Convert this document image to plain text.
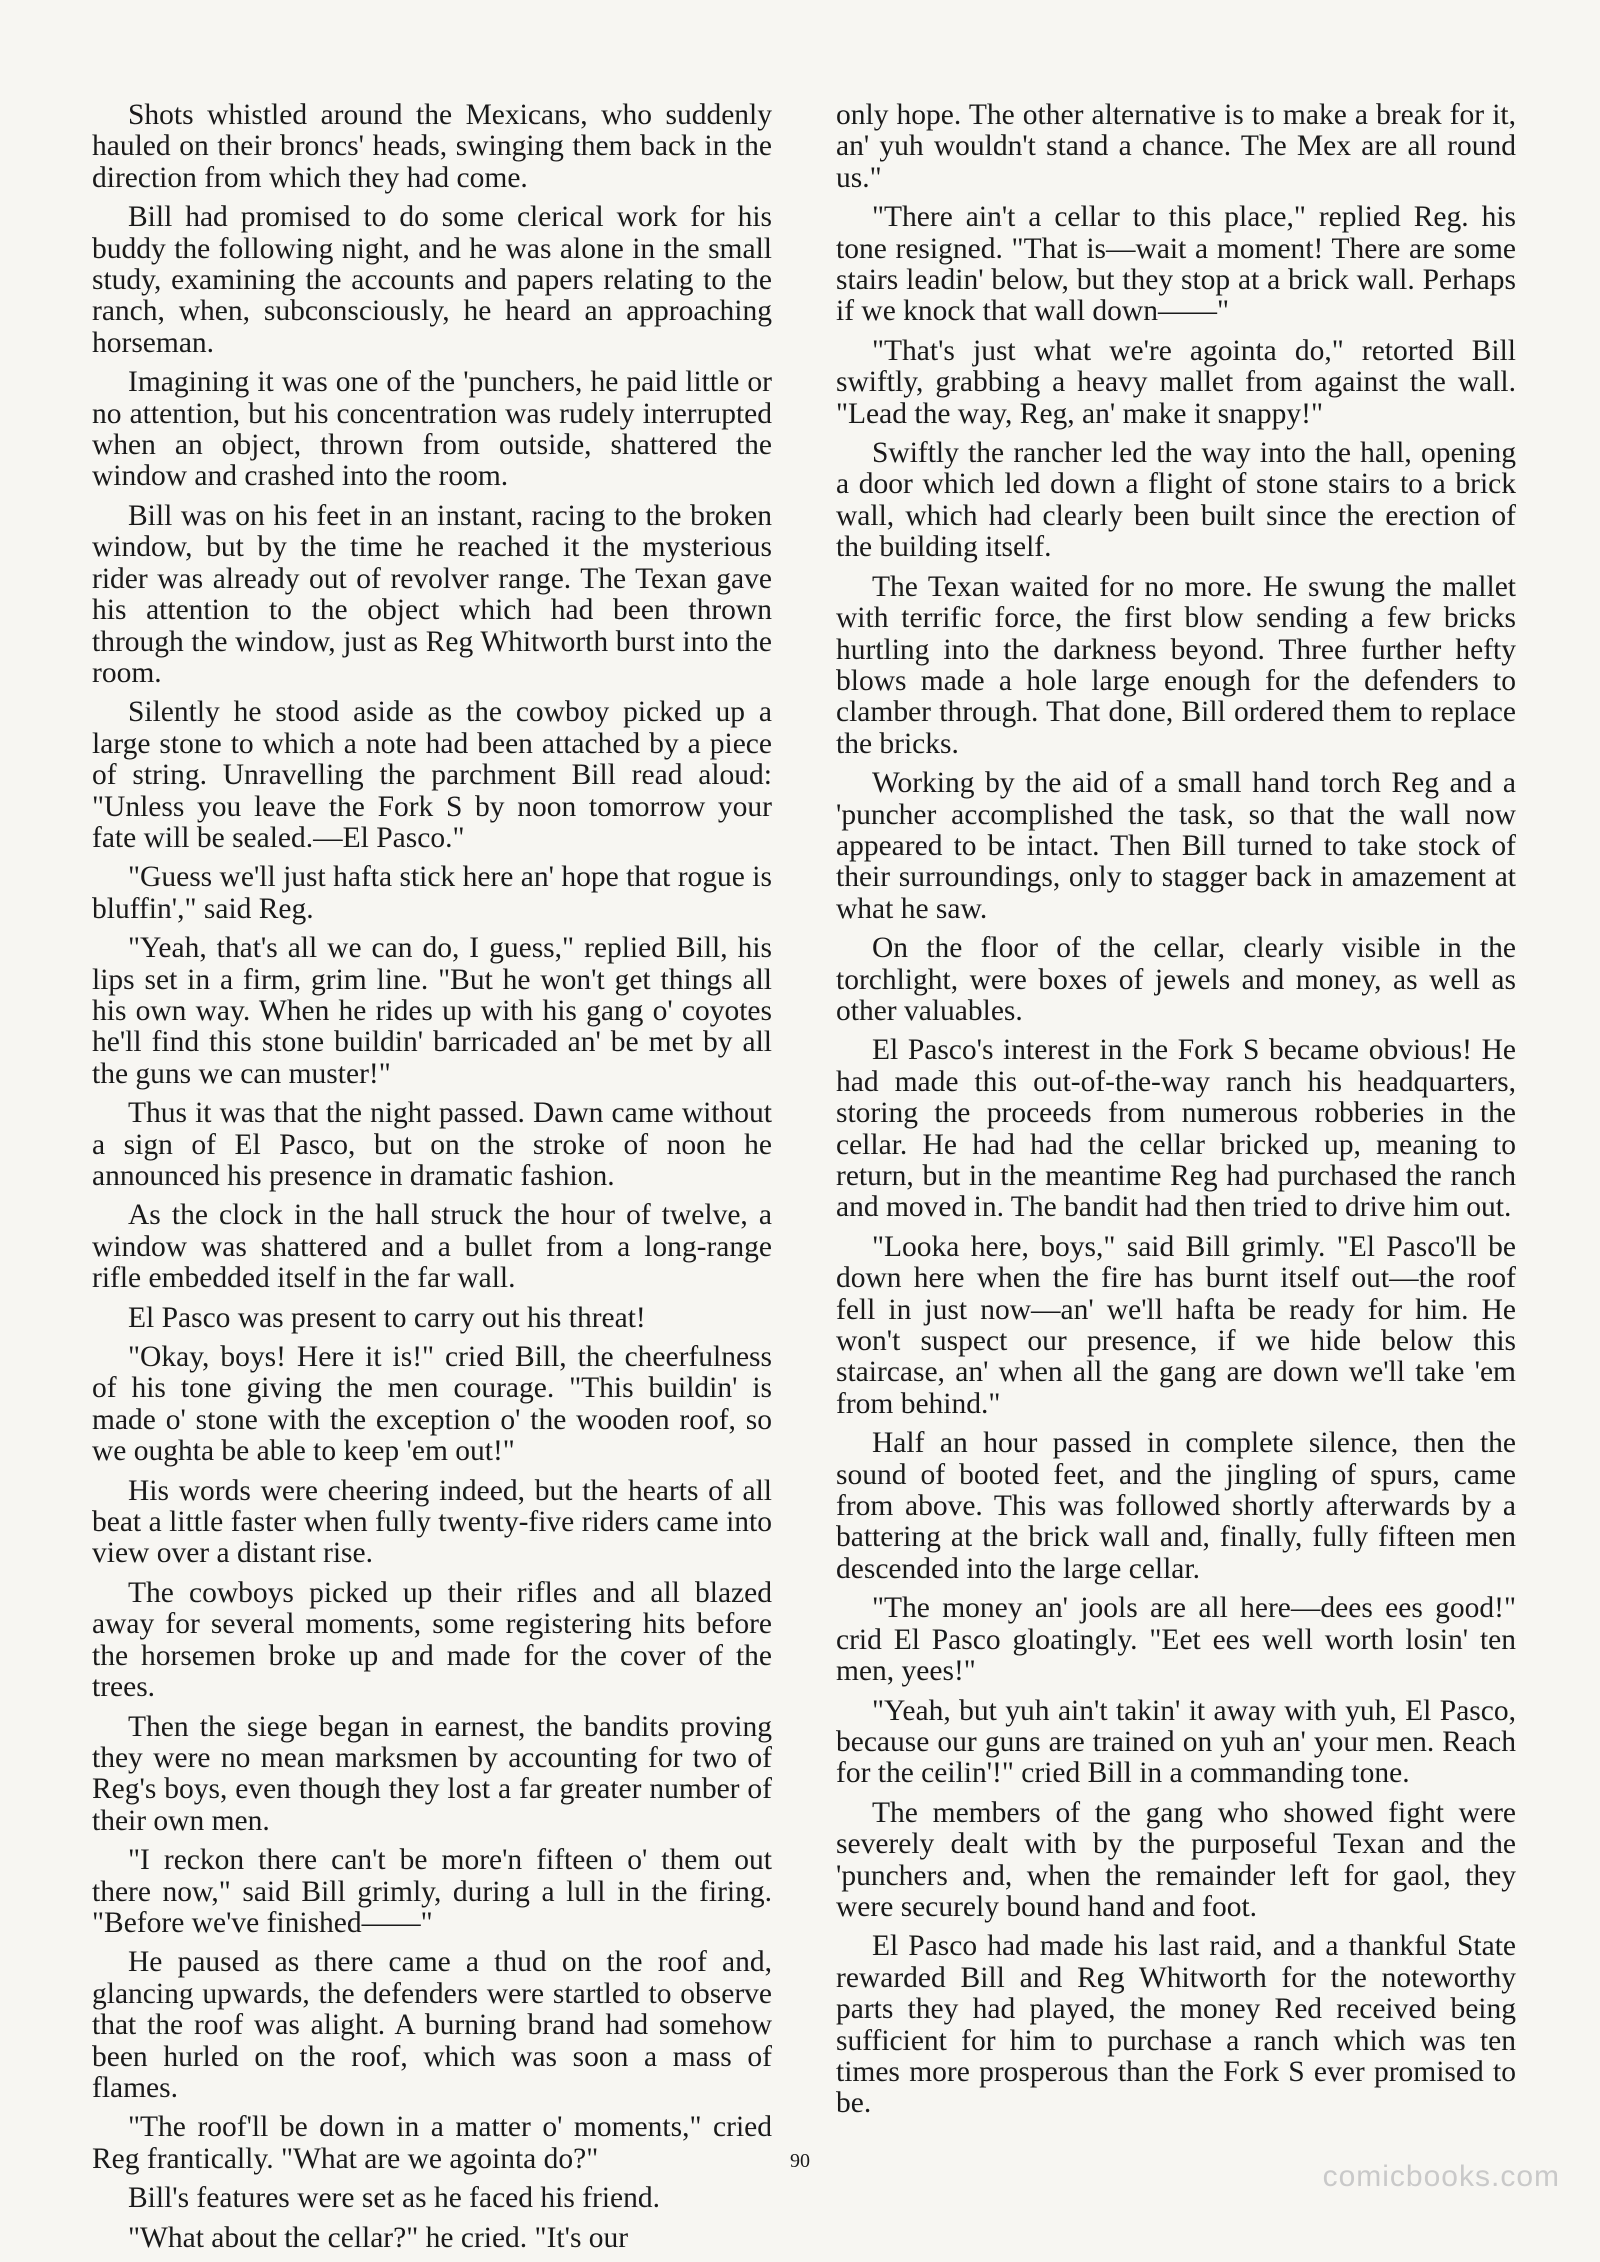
Shots whistled around the Mexicans, who suddenly hauled on their broncs' heads, swinging them back in the direction from which they had come.

Bill had promised to do some clerical work for his buddy the following night, and he was alone in the small study, examining the accounts and papers relating to the ranch, when, subconsciously, he heard an approaching horseman.

Imagining it was one of the 'punchers, he paid little or no attention, but his concentration was rudely interrupted when an object, thrown from outside, shattered the window and crashed into the room.

Bill was on his feet in an instant, racing to the broken window, but by the time he reached it the mysterious rider was already out of revolver range. The Texan gave his attention to the object which had been thrown through the window, just as Reg Whitworth burst into the room.

Silently he stood aside as the cowboy picked up a large stone to which a note had been attached by a piece of string. Unravelling the parchment Bill read aloud: "Unless you leave the Fork S by noon tomorrow your fate will be sealed.—El Pasco."

"Guess we'll just hafta stick here an' hope that rogue is bluffin'," said Reg.

"Yeah, that's all we can do, I guess," replied Bill, his lips set in a firm, grim line. "But he won't get things all his own way. When he rides up with his gang o' coyotes he'll find this stone buildin' barricaded an' be met by all the guns we can muster!"

Thus it was that the night passed. Dawn came without a sign of El Pasco, but on the stroke of noon he announced his presence in dramatic fashion.

As the clock in the hall struck the hour of twelve, a window was shattered and a bullet from a long-range rifle embedded itself in the far wall.

El Pasco was present to carry out his threat!

"Okay, boys! Here it is!" cried Bill, the cheerfulness of his tone giving the men courage. "This buildin' is made o' stone with the exception o' the wooden roof, so we oughta be able to keep 'em out!"

His words were cheering indeed, but the hearts of all beat a little faster when fully twenty-five riders came into view over a distant rise.

The cowboys picked up their rifles and all blazed away for several moments, some registering hits before the horsemen broke up and made for the cover of the trees.

Then the siege began in earnest, the bandits proving they were no mean marksmen by accounting for two of Reg's boys, even though they lost a far greater number of their own men.

"I reckon there can't be more'n fifteen o' them out there now," said Bill grimly, during a lull in the firing. "Before we've finished——"

He paused as there came a thud on the roof and, glancing upwards, the defenders were startled to observe that the roof was alight. A burning brand had somehow been hurled on the roof, which was soon a mass of flames.

"The roof'll be down in a matter o' moments," cried Reg frantically. "What are we agointa do?"

Bill's features were set as he faced his friend.

"What about the cellar?" he cried. "It's our

only hope. The other alternative is to make a break for it, an' yuh wouldn't stand a chance. The Mex are all round us."

"There ain't a cellar to this place," replied Reg. his tone resigned. "That is—wait a moment! There are some stairs leadin' below, but they stop at a brick wall. Perhaps if we knock that wall down——"

"That's just what we're agointa do," retorted Bill swiftly, grabbing a heavy mallet from against the wall. "Lead the way, Reg, an' make it snappy!"

Swiftly the rancher led the way into the hall, opening a door which led down a flight of stone stairs to a brick wall, which had clearly been built since the erection of the building itself.

The Texan waited for no more. He swung the mallet with terrific force, the first blow sending a few bricks hurtling into the darkness beyond. Three further hefty blows made a hole large enough for the defenders to clamber through. That done, Bill ordered them to replace the bricks.

Working by the aid of a small hand torch Reg and a 'puncher accomplished the task, so that the wall now appeared to be intact. Then Bill turned to take stock of their surroundings, only to stagger back in amazement at what he saw.

On the floor of the cellar, clearly visible in the torchlight, were boxes of jewels and money, as well as other valuables.

El Pasco's interest in the Fork S became obvious! He had made this out-of-the-way ranch his headquarters, storing the proceeds from numerous robberies in the cellar. He had had the cellar bricked up, meaning to return, but in the meantime Reg had purchased the ranch and moved in. The bandit had then tried to drive him out.

"Looka here, boys," said Bill grimly. "El Pasco'll be down here when the fire has burnt itself out—the roof fell in just now—an' we'll hafta be ready for him. He won't suspect our presence, if we hide below this staircase, an' when all the gang are down we'll take 'em from behind."

Half an hour passed in complete silence, then the sound of booted feet, and the jingling of spurs, came from above. This was followed shortly afterwards by a battering at the brick wall and, finally, fully fifteen men descended into the large cellar.

"The money an' jools are all here—dees ees good!" crid El Pasco gloatingly. "Eet ees well worth losin' ten men, yees!"

"Yeah, but yuh ain't takin' it away with yuh, El Pasco, because our guns are trained on yuh an' your men. Reach for the ceilin'!" cried Bill in a commanding tone.

The members of the gang who showed fight were severely dealt with by the purposeful Texan and the 'punchers and, when the remainder left for gaol, they were securely bound hand and foot.

El Pasco had made his last raid, and a thankful State rewarded Bill and Reg Whitworth for the noteworthy parts they had played, the money Red received being sufficient for him to purchase a ranch which was ten times more prosperous than the Fork S ever promised to be.

90	comicbooks.com
